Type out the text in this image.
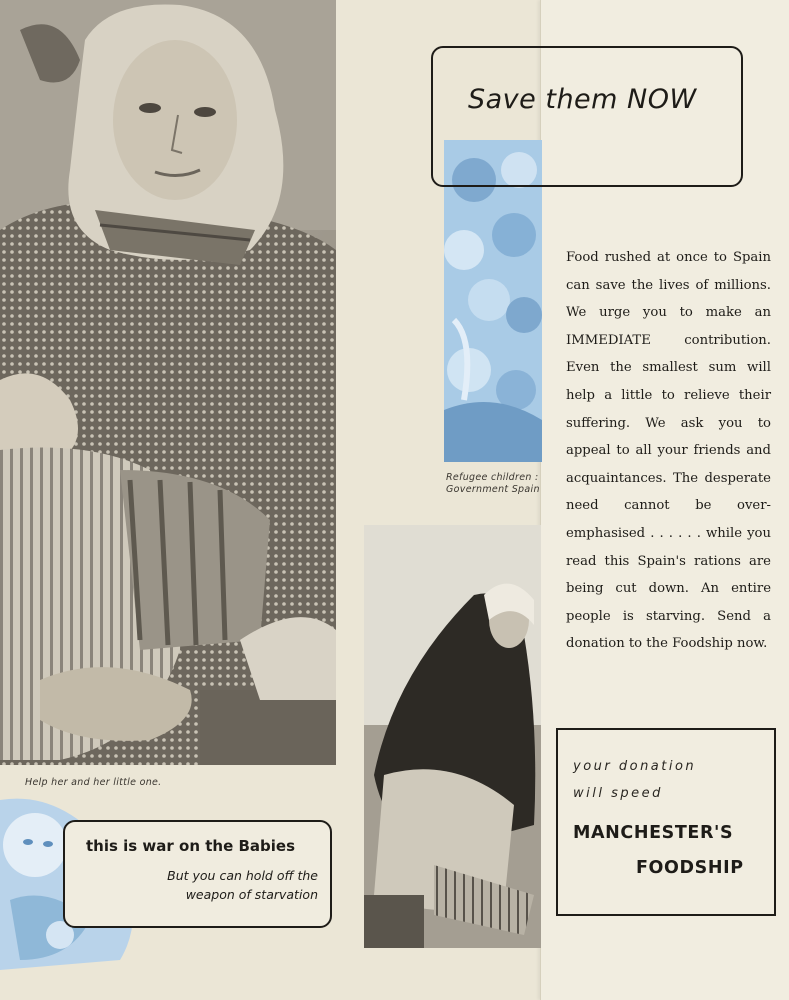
Help her and her little one.
Refugee children :
Government Spain
Save them NOW

Food rushed at once to Spain can save the lives of millions. We urge you to make an IMMEDIATE contribution. Even the smallest sum will help a little to relieve their suffering. We ask you to appeal to all your friends and acquaintances. The desperate need cannot be over-emphasised . . . . . . while you read this Spain's rations are being cut down. An entire people is starving. Send a donation to the Foodship now.

this is war on the Babies
But you can hold off the weapon of starvation
your donation
will speed
MANCHESTER'S
FOODSHIP
